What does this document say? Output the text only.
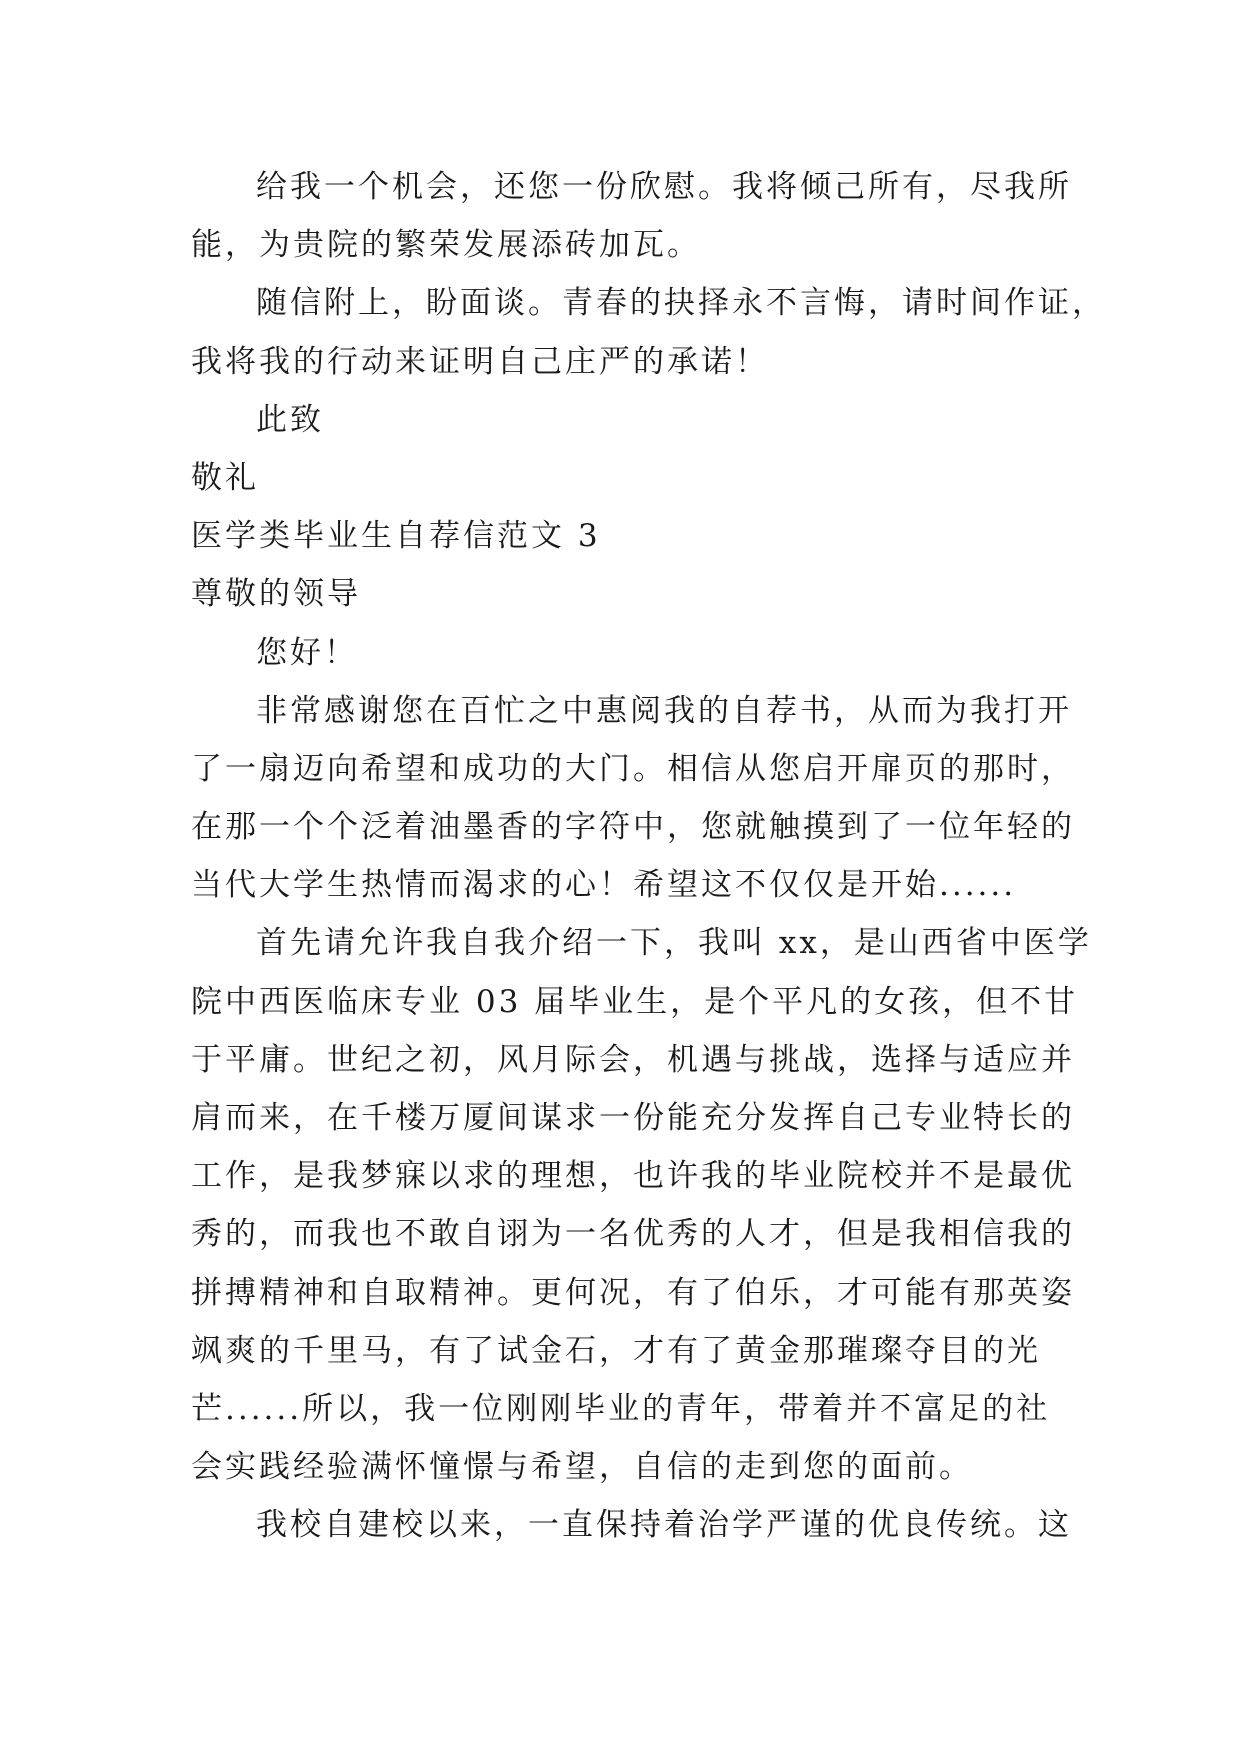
给我一个机会，还您一份欣慰。我将倾己所有，尽我所
能，为贵院的繁荣发展添砖加瓦。
随信附上，盼面谈。青春的抉择永不言悔，请时间作证，
我将我的行动来证明自己庄严的承诺！
此致
敬礼
医学类毕业生自荐信范文 3
尊敬的领导
您好！
非常感谢您在百忙之中惠阅我的自荐书，从而为我打开
了一扇迈向希望和成功的大门。相信从您启开扉页的那时，
在那一个个泛着油墨香的字符中，您就触摸到了一位年轻的
当代大学生热情而渴求的心！希望这不仅仅是开始......
首先请允许我自我介绍一下，我叫 xx，是山西省中医学
院中西医临床专业 03 届毕业生，是个平凡的女孩，但不甘
于平庸。世纪之初，风月际会，机遇与挑战，选择与适应并
肩而来，在千楼万厦间谋求一份能充分发挥自己专业特长的
工作，是我梦寐以求的理想，也许我的毕业院校并不是最优
秀的，而我也不敢自诩为一名优秀的人才，但是我相信我的
拼搏精神和自取精神。更何况，有了伯乐，才可能有那英姿
飒爽的千里马，有了试金石，才有了黄金那璀璨夺目的光
芒......所以，我一位刚刚毕业的青年，带着并不富足的社
会实践经验满怀憧憬与希望，自信的走到您的面前。
我校自建校以来，一直保持着治学严谨的优良传统。这
